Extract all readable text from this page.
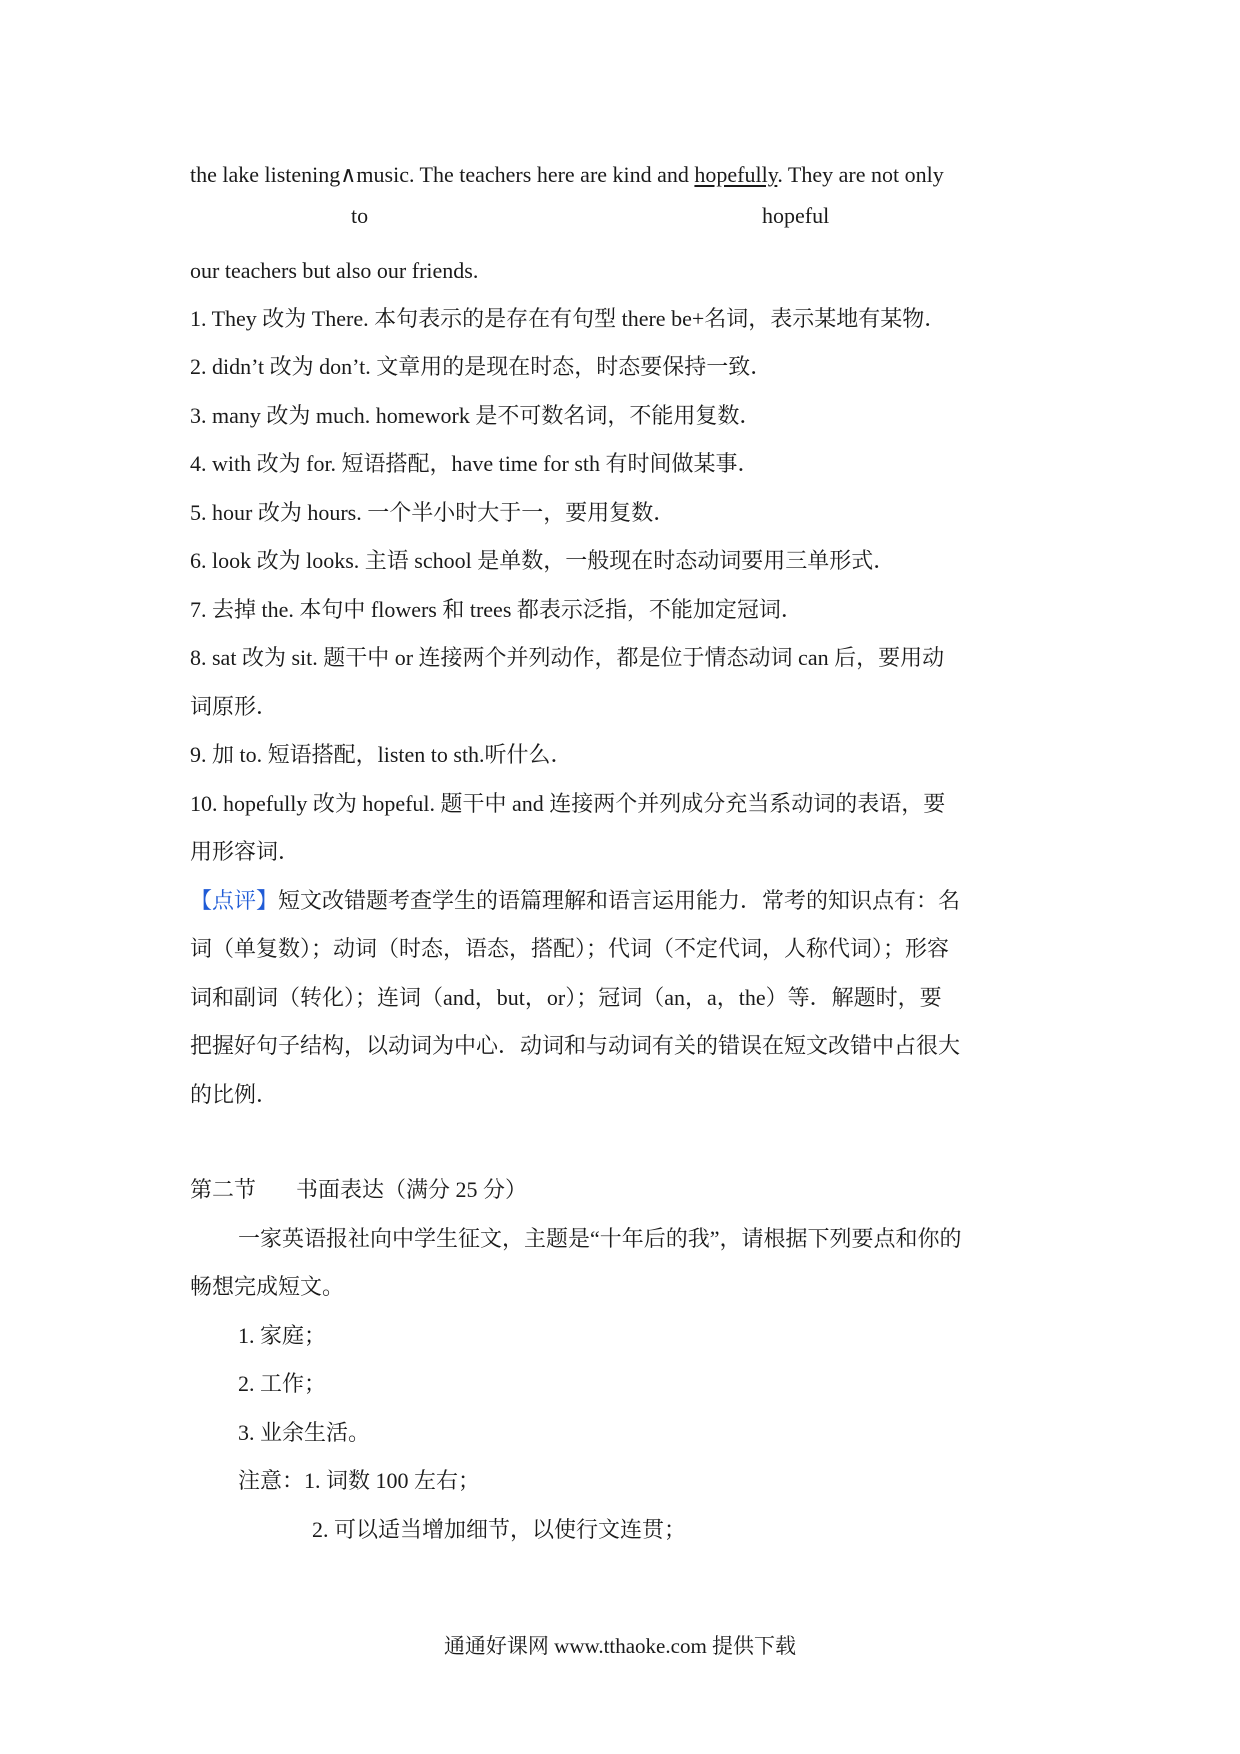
the lake listening∧music. The teachers here are kind and hopefully. They are not only
to	hopeful
our teachers but also our friends.
1. They 改为 There. 本句表示的是存在有句型 there be+名词，表示某地有某物．
2. didn’t 改为 don’t. 文章用的是现在时态，时态要保持一致．
3. many 改为 much. homework 是不可数名词，不能用复数．
4. with 改为 for. 短语搭配，have time for sth 有时间做某事．
5. hour 改为 hours. 一个半小时大于一，要用复数．
6. look 改为 looks. 主语 school 是单数，一般现在时态动词要用三单形式．
7. 去掉 the. 本句中 flowers 和 trees 都表示泛指，不能加定冠词．
8. sat 改为 sit. 题干中 or 连接两个并列动作，都是位于情态动词 can 后，要用动
词原形．
9. 加 to. 短语搭配，listen to sth.听什么．
10. hopefully 改为 hopeful. 题干中 and 连接两个并列成分充当系动词的表语，要
用形容词．
【点评】短文改错题考查学生的语篇理解和语言运用能力．常考的知识点有：名
词（单复数）；动词（时态，语态，搭配）；代词（不定代词，人称代词）；形容
词和副词（转化）；连词（and，but，or）；冠词（an，a，the）等．解题时，要
把握好句子结构，以动词为中心．动词和与动词有关的错误在短文改错中占很大
的比例．
第二节 书面表达（满分 25 分）
一家英语报社向中学生征文，主题是“十年后的我”，请根据下列要点和你的
畅想完成短文。
1. 家庭；
2. 工作；
3. 业余生活。
注意：1. 词数 100 左右；
2. 可以适当增加细节，以使行文连贯；
通通好课网 www.tthaoke.com 提供下载
